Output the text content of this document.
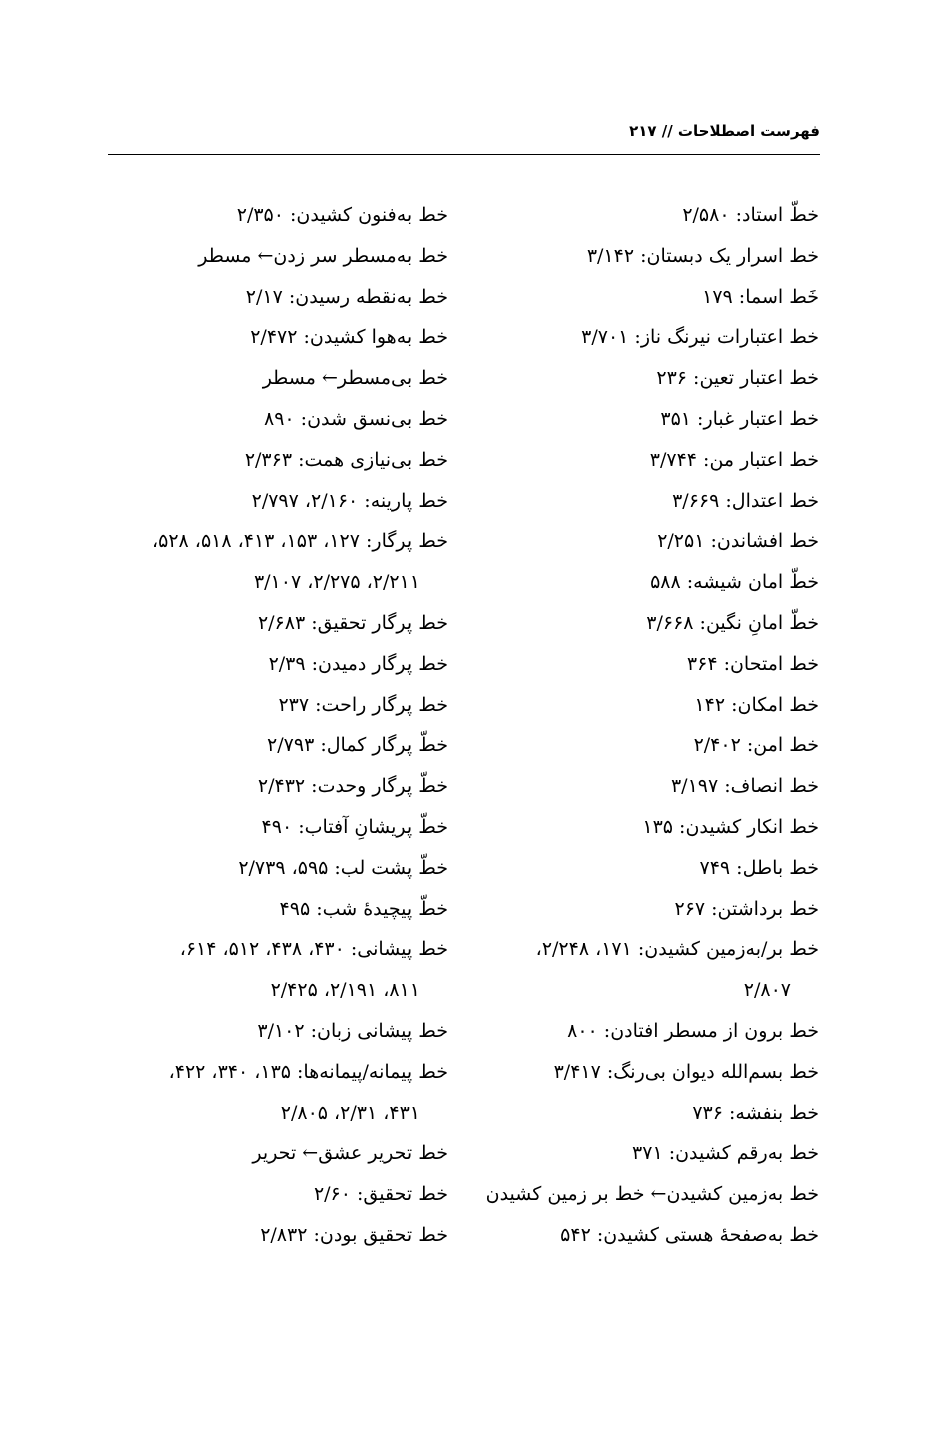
فهرست اصطلاحات // ۲۱۷
خطّ استاد: ۲/۵۸۰
خط اسرار یک دبستان: ۳/۱۴۲
خَط اسما: ۱۷۹
خط اعتبارات نیرنگ ناز: ۳/۷۰۱
خط اعتبار تعین: ۲۳۶
خط اعتبار غبار: ۳۵۱
خط اعتبار من: ۳/۷۴۴
خط اعتدال: ۳/۶۶۹
خط افشاندن: ۲/۲۵۱
خطّ امان شیشه: ۵۸۸
خطّ امانِ نگین: ۳/۶۶۸
خط امتحان: ۳۶۴
خط امکان: ۱۴۲
خط امن: ۲/۴۰۲
خط انصاف: ۳/۱۹۷
خط انکار کشیدن: ۱۳۵
خط باطل: ۷۴۹
خط برداشتن: ۲۶۷
خط بر/به‌زمین کشیدن: ۱۷۱، ۲/۲۴۸،
۲/۸۰۷
خط برون از مسطر افتادن: ۸۰۰
خط بسم‌الله دیوان بی‌رنگ: ۳/۴۱۷
خط بنفشه: ۷۳۶
خط به‌رقم کشیدن: ۳۷۱
خط به‌زمین کشیدن← خط بر زمین کشیدن
خط به‌صفحهٔ هستی کشیدن: ۵۴۲
خط به‌فنون کشیدن: ۲/۳۵۰
خط به‌مسطر سر زدن← مسطر
خط به‌نقطه رسیدن: ۲/۱۷
خط به‌هوا کشیدن: ۲/۴۷۲
خط بی‌مسطر← مسطر
خط بی‌نسق شدن: ۸۹۰
خط بی‌نیازی همت: ۲/۳۶۳
خط پارینه: ۲/۱۶۰، ۲/۷۹۷
خط پرگار: ۱۲۷، ۱۵۳، ۴۱۳، ۵۱۸، ۵۲۸،
۲/۲۱۱، ۲/۲۷۵، ۳/۱۰۷
خط پرگار تحقیق: ۲/۶۸۳
خط پرگار دمیدن: ۲/۳۹
خط پرگار راحت: ۲۳۷
خطّ پرگار کمال: ۲/۷۹۳
خطّ پرگار وحدت: ۲/۴۳۲
خطّ پریشانِ آفتاب: ۴۹۰
خطّ پشت لب: ۵۹۵، ۲/۷۳۹
خطّ پیچیدهٔ شب: ۴۹۵
خط پیشانی: ۴۳۰، ۴۳۸، ۵۱۲، ۶۱۴،
۸۱۱، ۲/۱۹۱، ۲/۴۲۵
خط پیشانی زبان: ۳/۱۰۲
خط پیمانه/پیمانه‌ها: ۱۳۵، ۳۴۰، ۴۲۲،
۴۳۱، ۲/۳۱، ۲/۸۰۵
خط تحریر عشق← تحریر
خط تحقیق: ۲/۶۰
خط تحقیق بودن: ۲/۸۳۲
